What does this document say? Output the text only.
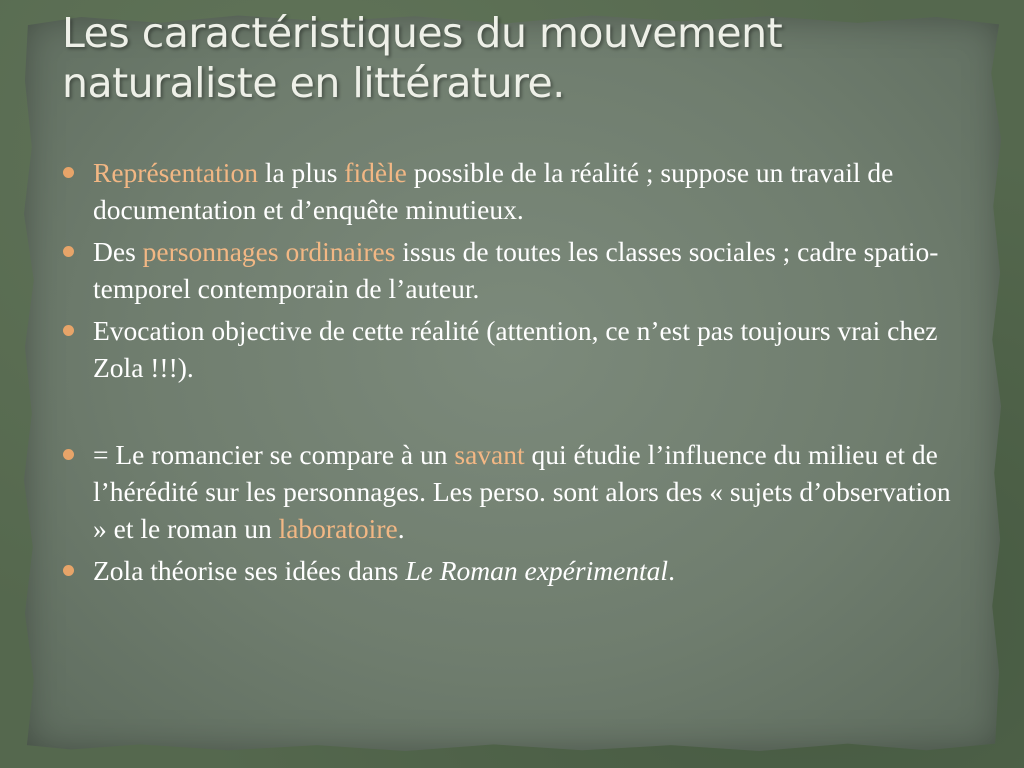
Les caractéristiques du mouvement naturaliste en littérature.
Représentation la plus fidèle possible de la réalité ; suppose un travail de documentation et d’enquête minutieux.
Des personnages ordinaires issus de toutes les classes sociales ; cadre spatio-temporel contemporain de l’auteur.
Evocation objective de cette réalité (attention, ce n’est pas toujours vrai chez Zola !!!).
= Le romancier se compare à un savant qui étudie l’influence du milieu et de l’hérédité sur les personnages. Les perso. sont alors des « sujets d’observation » et le roman un laboratoire.
Zola théorise ses idées dans Le Roman expérimental.
